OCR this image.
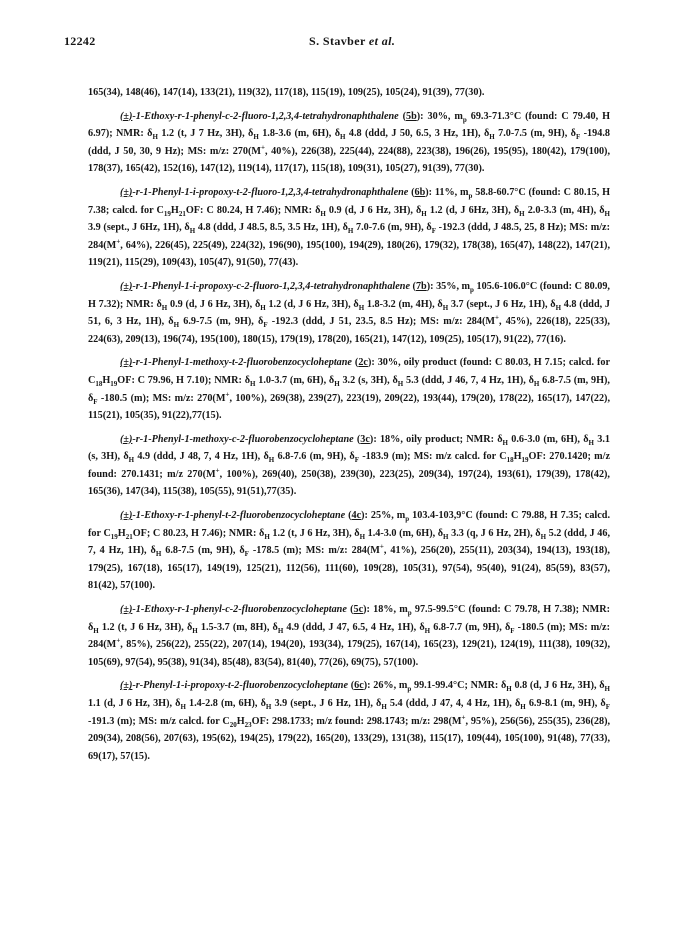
12242	S. Stavber et al.

165(34), 148(46), 147(14), 133(21), 119(32), 117(18), 115(19), 109(25), 105(24), 91(39), 77(30).

(±)-1-Ethoxy-r-1-phenyl-c-2-fluoro-1,2,3,4-tetrahydronaphthalene (5b): 30%, $m_p$ 69.3-71.3°C (found: C 79.40, H 6.97); NMR: $\delta_H$ 1.2 (t, J 7 Hz, 3H), $\delta_H$ 1.8-3.6 (m, 6H), $\delta_H$ 4.8 (ddd, J 50, 6.5, 3 Hz, 1H), $\delta_H$ 7.0-7.5 (m, 9H), $\delta_F$ -194.8 (ddd, J 50, 30, 9 Hz); MS: m/z: 270(M+, 40%), 226(38), 225(44), 224(88), 223(38), 196(26), 195(95), 180(42), 179(100), 178(37), 165(42), 152(16), 147(12), 119(14), 117(17), 115(18), 109(31), 105(27), 91(39), 77(30).

(±)-r-1-Phenyl-1-i-propoxy-t-2-fluoro-1,2,3,4-tetrahydronaphthalene (6b): 11%, $m_p$ 58.8-60.7°C (found: C 80.15, H 7.38; calcd. for $C_{19}H_{21}OF$: C 80.24, H 7.46); NMR: $\delta_H$ 0.9 (d, J 6 Hz, 3H), $\delta_H$ 1.2 (d, J 6Hz, 3H), $\delta_H$ 2.0-3.3 (m, 4H), $\delta_H$ 3.9 (sept., J 6Hz, 1H), $\delta_H$ 4.8 (ddd, J 48.5, 8.5, 3.5 Hz, 1H), $\delta_H$ 7.0-7.6 (m, 9H), $\delta_F$ -192.3 (ddd, J 48.5, 25, 8 Hz); MS: m/z: 284(M+, 64%), 226(45), 225(49), 224(32), 196(90), 195(100), 194(29), 180(26), 179(32), 178(38), 165(47), 148(22), 147(21), 119(21), 115(29), 109(43), 105(47), 91(50), 77(43).

(±)-r-1-Phenyl-1-i-propoxy-c-2-fluoro-1,2,3,4-tetrahydronaphthalene (7b): 35%, $m_p$ 105.6-106.0°C (found: C 80.09, H 7.32); NMR: $\delta_H$ 0.9 (d, J 6 Hz, 3H), $\delta_H$ 1.2 (d, J 6 Hz, 3H), $\delta_H$ 1.8-3.2 (m, 4H), $\delta_H$ 3.7 (sept., J 6 Hz, 1H), $\delta_H$ 4.8 (ddd, J 51, 6, 3 Hz, 1H), $\delta_H$ 6.9-7.5 (m, 9H), $\delta_F$ -192.3 (ddd, J 51, 23.5, 8.5 Hz); MS: m/z: 284(M+, 45%), 226(18), 225(33), 224(63), 209(13), 196(74), 195(100), 180(15), 179(19), 178(20), 165(21), 147(12), 109(25), 105(17), 91(22), 77(16).

(±)-r-1-Phenyl-1-methoxy-t-2-fluorobenzocycloheptane (2c): 30%, oily product (found: C 80.03, H 7.15; calcd. for $C_{18}H_{19}OF$: C 79.96, H 7.10); NMR: $\delta_H$ 1.0-3.7 (m, 6H), $\delta_H$ 3.2 (s, 3H), $\delta_H$ 5.3 (ddd, J 46, 7, 4 Hz, 1H), $\delta_H$ 6.8-7.5 (m, 9H), $\delta_F$ -180.5 (m); MS: m/z: 270(M+, 100%), 269(38), 239(27), 223(19), 209(22), 193(44), 179(20), 178(22), 165(17), 147(22), 115(21), 105(35), 91(22),77(15).

(±)-r-1-Phenyl-1-methoxy-c-2-fluorobenzocycloheptane (3c): 18%, oily product; NMR: $\delta_H$ 0.6-3.0 (m, 6H), $\delta_H$ 3.1 (s, 3H), $\delta_H$ 4.9 (ddd, J 48, 7, 4 Hz, 1H), $\delta_H$ 6.8-7.6 (m, 9H), $\delta_F$ -183.9 (m); MS: m/z calcd. for $C_{18}H_{19}OF$: 270.1420; m/z found: 270.1431; m/z 270(M+, 100%), 269(40), 250(38), 239(30), 223(25), 209(34), 197(24), 193(61), 179(39), 178(42), 165(36), 147(34), 115(38), 105(55), 91(51),77(35).

(±)-1-Ethoxy-r-1-phenyl-t-2-fluorobenzocycloheptane (4c): 25%, $m_p$ 103.4-103,9°C (found: C 79.88, H 7.35; calcd. for $C_{19}H_{21}OF$; C 80.23, H 7.46); NMR: $\delta_H$ 1.2 (t, J 6 Hz, 3H), $\delta_H$ 1.4-3.0 (m, 6H), $\delta_H$ 3.3 (q, J 6 Hz, 2H), $\delta_H$ 5.2 (ddd, J 46, 7, 4 Hz, 1H), $\delta_H$ 6.8-7.5 (m, 9H), $\delta_F$ -178.5 (m); MS: m/z: 284(M+, 41%), 256(20), 255(11), 203(34), 194(13), 193(18), 179(25), 167(18), 165(17), 149(19), 125(21), 112(56), 111(60), 109(28), 105(31), 97(54), 95(40), 91(24), 85(59), 83(57), 81(42), 57(100).

(±)-1-Ethoxy-r-1-phenyl-c-2-fluorobenzocycloheptane (5c): 18%, $m_p$ 97.5-99.5°C (found: C 79.78, H 7.38); NMR: $\delta_H$ 1.2 (t, J 6 Hz, 3H), $\delta_H$ 1.5-3.7 (m, 8H), $\delta_H$ 4.9 (ddd, J 47, 6.5, 4 Hz, 1H), $\delta_H$ 6.8-7.7 (m, 9H), $\delta_F$ -180.5 (m); MS: m/z: 284(M+, 85%), 256(22), 255(22), 207(14), 194(20), 193(34), 179(25), 167(14), 165(23), 129(21), 124(19), 111(38), 109(32), 105(69), 97(54), 95(38), 91(34), 85(48), 83(54), 81(40), 77(26), 69(75), 57(100).

(±)-r-Phenyl-1-i-propoxy-t-2-fluorobenzocycloheptane (6c): 26%, $m_p$ 99.1-99.4°C; NMR: $\delta_H$ 0.8 (d, J 6 Hz, 3H), $\delta_H$ 1.1 (d, J 6 Hz, 3H), $\delta_H$ 1.4-2.8 (m, 6H), $\delta_H$ 3.9 (sept., J 6 Hz, 1H), $\delta_H$ 5.4 (ddd, J 47, 4, 4 Hz, 1H), $\delta_H$ 6.9-8.1 (m, 9H), $\delta_F$ -191.3 (m); MS: m/z calcd. for $C_{20}H_{23}OF$: 298.1733; m/z found: 298.1743; m/z: 298(M+, 95%), 256(56), 255(35), 236(28), 209(34), 208(56), 207(63), 195(62), 194(25), 179(22), 165(20), 133(29), 131(38), 115(17), 109(44), 105(100), 91(48), 77(33), 69(17), 57(15).
